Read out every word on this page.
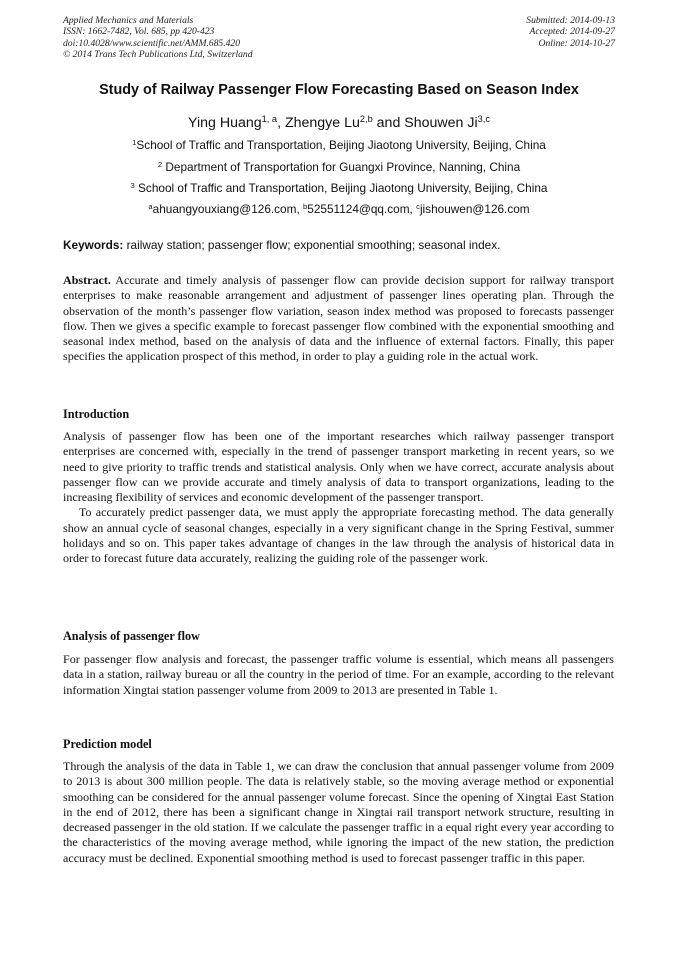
Applied Mechanics and Materials
ISSN: 1662-7482, Vol. 685, pp 420-423
doi:10.4028/www.scientific.net/AMM.685.420
© 2014 Trans Tech Publications Ltd, Switzerland
Submitted: 2014-09-13
Accepted: 2014-09-27
Online: 2014-10-27
Study of Railway Passenger Flow Forecasting Based on Season Index
Ying Huang$^{1, a}$, Zhengye Lu$^{2,b}$ and Shouwen Ji$^{3,c}$
$^1$School of Traffic and Transportation, Beijing Jiaotong University, Beijing, China
$^2$ Department of Transportation for Guangxi Province, Nanning, China
$^3$ School of Traffic and Transportation, Beijing Jiaotong University, Beijing, China
$^a$ahuangyouxiang@126.com, $^b$52551124@qq.com, $^c$jishouwen@126.com
Keywords: railway station; passenger flow; exponential smoothing; seasonal index.
Abstract. Accurate and timely analysis of passenger flow can provide decision support for railway transport enterprises to make reasonable arrangement and adjustment of passenger lines operating plan. Through the observation of the month’s passenger flow variation, season index method was proposed to forecasts passenger flow. Then we gives a specific example to forecast passenger flow combined with the exponential smoothing and seasonal index method, based on the analysis of data and the influence of external factors. Finally, this paper specifies the application prospect of this method, in order to play a guiding role in the actual work.
Introduction
Analysis of passenger flow has been one of the important researches which railway passenger transport enterprises are concerned with, especially in the trend of passenger transport marketing in recent years, so we need to give priority to traffic trends and statistical analysis. Only when we have correct, accurate analysis about passenger flow can we provide accurate and timely analysis of data to transport organizations, leading to the increasing flexibility of services and economic development of the passenger transport.
To accurately predict passenger data, we must apply the appropriate forecasting method. The data generally show an annual cycle of seasonal changes, especially in a very significant change in the Spring Festival, summer holidays and so on. This paper takes advantage of changes in the law through the analysis of historical data in order to forecast future data accurately, realizing the guiding role of the passenger work.
Analysis of passenger flow
For passenger flow analysis and forecast, the passenger traffic volume is essential, which means all passengers data in a station, railway bureau or all the country in the period of time. For an example, according to the relevant information Xingtai station passenger volume from 2009 to 2013 are presented in Table 1.
Prediction model
Through the analysis of the data in Table 1, we can draw the conclusion that annual passenger volume from 2009 to 2013 is about 300 million people. The data is relatively stable, so the moving average method or exponential smoothing can be considered for the annual passenger volume forecast. Since the opening of Xingtai East Station in the end of 2012, there has been a significant change in Xingtai rail transport network structure, resulting in decreased passenger in the old station. If we calculate the passenger traffic in a equal right every year according to the characteristics of the moving average method, while ignoring the impact of the new station, the prediction accuracy must be declined. Exponential smoothing method is used to forecast passenger traffic in this paper.
